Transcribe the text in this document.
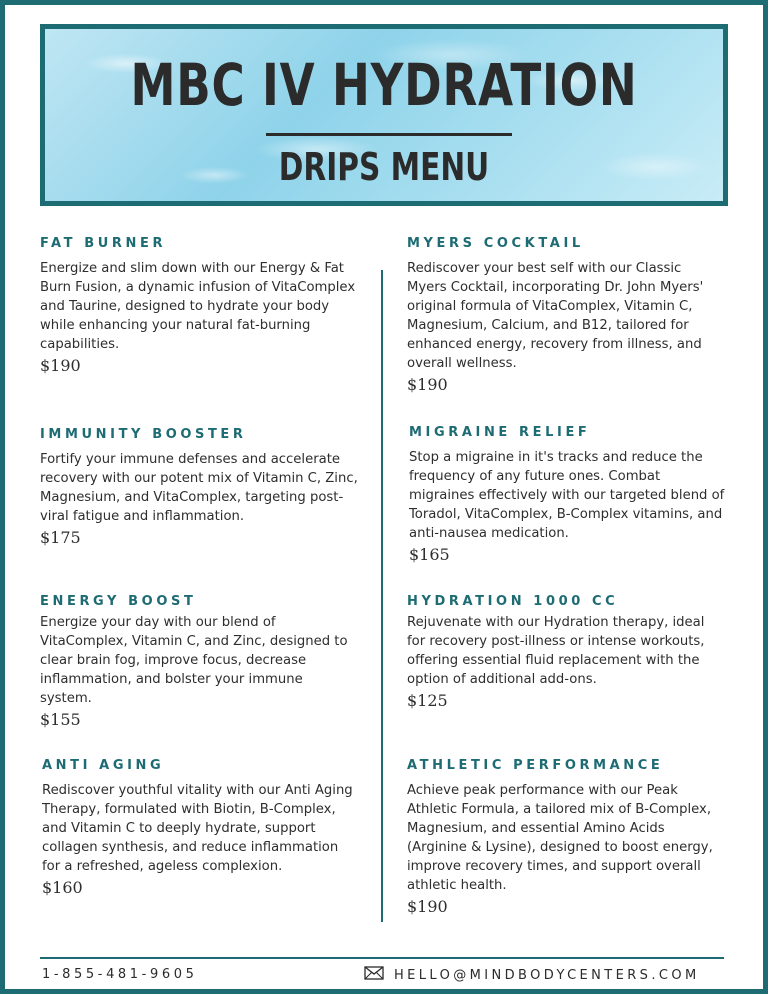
MBC IV HYDRATION
DRIPS MENU
FAT BURNER

Energize and slim down with our Energy & Fat Burn Fusion, a dynamic infusion of VitaComplex and Taurine, designed to hydrate your body while enhancing your natural fat-burning capabilities.

$190
IMMUNITY BOOSTER

Fortify your immune defenses and accelerate recovery with our potent mix of Vitamin C, Zinc, Magnesium, and VitaComplex, targeting post-viral fatigue and inflammation.

$175
ENERGY BOOST

Energize your day with our blend of VitaComplex, Vitamin C, and Zinc, designed to clear brain fog, improve focus, decrease inflammation, and bolster your immune system.

$155
ANTI AGING

Rediscover youthful vitality with our Anti Aging Therapy, formulated with Biotin, B-Complex, and Vitamin C to deeply hydrate, support collagen synthesis, and reduce inflammation for a refreshed, ageless complexion.

$160
MYERS COCKTAIL

Rediscover your best self with our Classic Myers Cocktail, incorporating Dr. John Myers' original formula of VitaComplex, Vitamin C, Magnesium, Calcium, and B12, tailored for enhanced energy, recovery from illness, and overall wellness.

$190
MIGRAINE RELIEF

Stop a migraine in it's tracks and reduce the frequency of any future ones. Combat migraines effectively with our targeted blend of Toradol, VitaComplex, B-Complex vitamins, and anti-nausea medication.

$165
HYDRATION 1000 CC

Rejuvenate with our Hydration therapy, ideal for recovery post-illness or intense workouts, offering essential fluid replacement with the option of additional add-ons.

$125
ATHLETIC PERFORMANCE

Achieve peak performance with our Peak Athletic Formula, a tailored mix of B-Complex, Magnesium, and essential Amino Acids (Arginine & Lysine), designed to boost energy, improve recovery times, and support overall athletic health.

$190
1-855-481-9605	HELLO@MINDBODYCENTERS.COM
